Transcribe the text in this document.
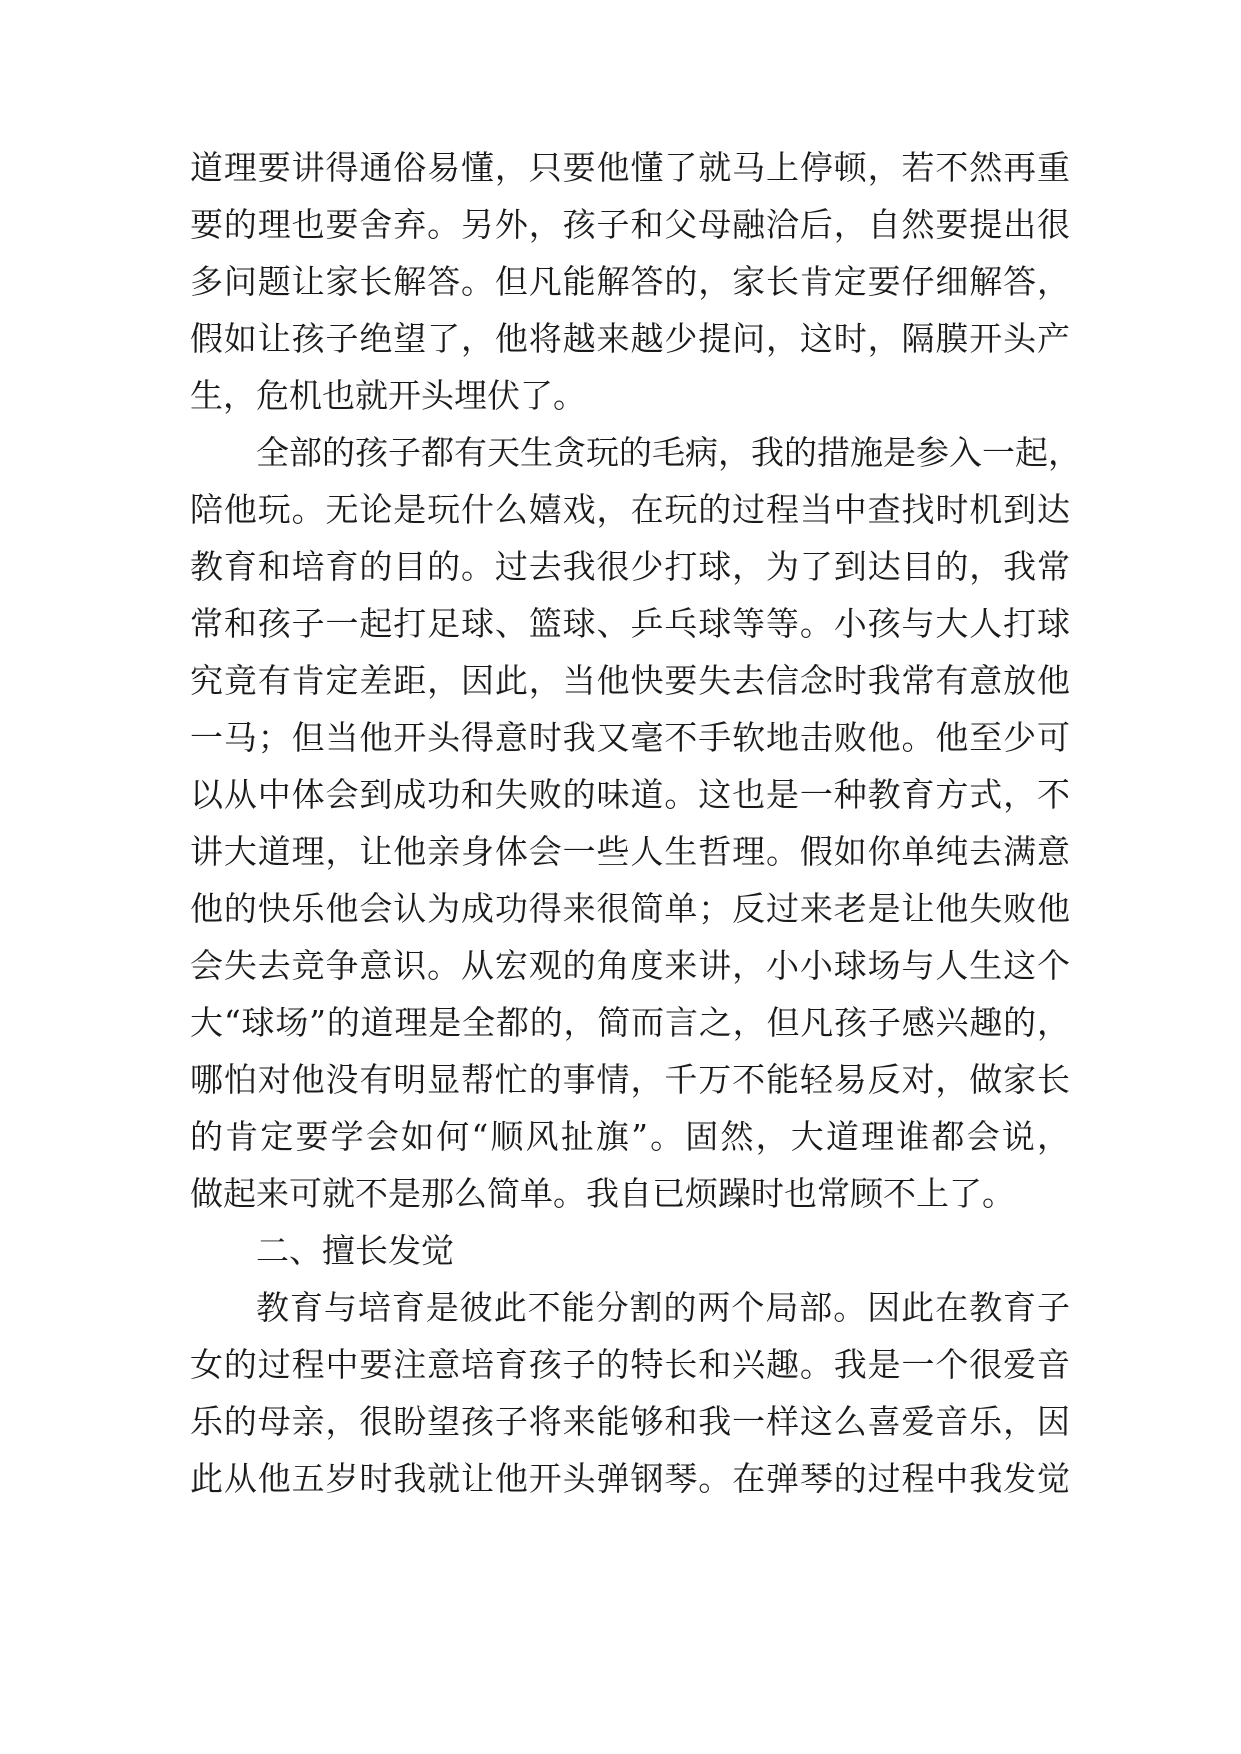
道理要讲得通俗易懂，只要他懂了就马上停顿，若不然再重
要的理也要舍弃。另外，孩子和父母融洽后，自然要提出很
多问题让家长解答。但凡能解答的，家长肯定要仔细解答，
假如让孩子绝望了，他将越来越少提问，这时，隔膜开头产
生，危机也就开头埋伏了。
全部的孩子都有天生贪玩的毛病，我的措施是参入一起，
陪他玩。无论是玩什么嬉戏，在玩的过程当中查找时机到达
教育和培育的目的。过去我很少打球，为了到达目的，我常
常和孩子一起打足球、篮球、乒乓球等等。小孩与大人打球
究竟有肯定差距，因此，当他快要失去信念时我常有意放他
一马；但当他开头得意时我又毫不手软地击败他。他至少可
以从中体会到成功和失败的味道。这也是一种教育方式，不
讲大道理，让他亲身体会一些人生哲理。假如你单纯去满意
他的快乐他会认为成功得来很简单；反过来老是让他失败他
会失去竞争意识。从宏观的角度来讲，小小球场与人生这个
大“球场”的道理是全都的，简而言之，但凡孩子感兴趣的，
哪怕对他没有明显帮忙的事情，千万不能轻易反对，做家长
的肯定要学会如何“顺风扯旗”。固然，大道理谁都会说，
做起来可就不是那么简单。我自已烦躁时也常顾不上了。
二、擅长发觉
教育与培育是彼此不能分割的两个局部。因此在教育子
女的过程中要注意培育孩子的特长和兴趣。我是一个很爱音
乐的母亲，很盼望孩子将来能够和我一样这么喜爱音乐，因
此从他五岁时我就让他开头弹钢琴。在弹琴的过程中我发觉
